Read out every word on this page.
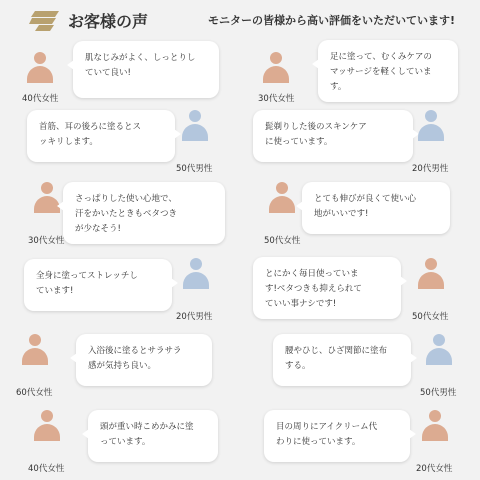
お客様の声	モニターの皆様から高い評価をいただいています!
40代女性
肌なじみがよく、しっとりし
ていて良い!
30代女性
足に塗って、むくみケアの
マッサージを軽くしていま
す。
首筋、耳の後ろに塗るとス
ッキリします。
50代男性
髭剃りした後のスキンケア
に使っています。
20代男性
30代女性
さっぱりした使い心地で、
汗をかいたときもベタつき
が少なそう!
50代女性
とても伸びが良くて使い心
地がいいです!
全身に塗ってストレッチし
ています!
20代男性
とにかく毎日使っていま
す!ベタつきも抑えられて
ていい事ナシです!
50代女性
60代女性
入浴後に塗るとサラサラ
感が気持ち良い。
腰やひじ、ひざ関節に塗布
する。
50代男性
40代女性
頭が重い時こめかみに塗
っています。
目の周りにアイクリーム代
わりに使っています。
20代女性
